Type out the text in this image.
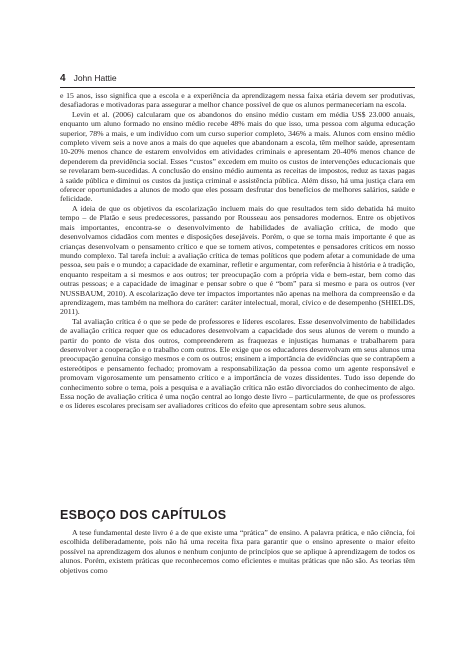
4 John Hattie

e 15 anos, isso significa que a escola e a experiência da aprendizagem nessa faixa etária devem ser produtivas, desafiadoras e motivadoras para assegurar a melhor chance possível de que os alunos permaneceriam na escola.

Levin et al. (2006) calcularam que os abandonos do ensino médio custam em média US$ 23.000 anuais, enquanto um aluno formado no ensino médio recebe 48% mais do que isso, uma pessoa com alguma educação superior, 78% a mais, e um indivíduo com um curso superior completo, 346% a mais. Alunos com ensino médio completo vivem seis a nove anos a mais do que aqueles que abandonam a escola, têm melhor saúde, apresentam 10-20% menos chance de estarem envolvidos em atividades criminais e apresentam 20-40% menos chance de dependerem da previdência social. Esses “custos” excedem em muito os custos de intervenções educacionais que se revelaram bem-sucedidas. A conclusão do ensino médio aumenta as receitas de impostos, reduz as taxas pagas à saúde pública e diminui os custos da justiça criminal e assistência pública. Além disso, há uma justiça clara em oferecer oportunidades a alunos de modo que eles possam desfrutar dos benefícios de melhores salários, saúde e felicidade.

A ideia de que os objetivos da escolarização incluem mais do que resultados tem sido debatida há muito tempo – de Platão e seus predecessores, passando por Rousseau aos pensadores modernos. Entre os objetivos mais importantes, encontra-se o desenvolvimento de habilidades de avaliação crítica, de modo que desenvolvamos cidadãos com mentes e disposições desejáveis. Porém, o que se torna mais importante é que as crianças desenvolvam o pensamento crítico e que se tornem ativos, competentes e pensadores críticos em nosso mundo complexo. Tal tarefa inclui: a avaliação crítica de temas políticos que podem afetar a comunidade de uma pessoa, seu país e o mundo; a capacidade de examinar, refletir e argumentar, com referência à história e à tradição, enquanto respeitam a si mesmos e aos outros; ter preocupação com a própria vida e bem-estar, bem como das outras pessoas; e a capacidade de imaginar e pensar sobre o que é “bom” para si mesmo e para os outros (ver NUSSBAUM, 2010). A escolarização deve ter impactos importantes não apenas na melhora da compreensão e da aprendizagem, mas também na melhora do caráter: caráter intelectual, moral, cívico e de desempenho (SHIELDS, 2011).

Tal avaliação crítica é o que se pede de professores e líderes escolares. Esse desenvolvimento de habilidades de avaliação crítica requer que os educadores desenvolvam a capacidade dos seus alunos de verem o mundo a partir do ponto de vista dos outros, compreenderem as fraquezas e injustiças humanas e trabalharem para desenvolver a cooperação e o trabalho com outros. Ele exige que os educadores desenvolvam em seus alunos uma preocupação genuína consigo mesmos e com os outros; ensinem a importância de evidências que se contrapõem a estereótipos e pensamento fechado; promovam a responsabilização da pessoa como um agente responsável e promovam vigorosamente um pensamento crítico e a importância de vozes dissidentes. Tudo isso depende do conhecimento sobre o tema, pois a pesquisa e a avaliação crítica não estão divorciados do conhecimento de algo. Essa noção de avaliação crítica é uma noção central ao longo deste livro – particularmente, de que os professores e os líderes escolares precisam ser avaliadores críticos do efeito que apresentam sobre seus alunos.

ESBOÇO DOS CAPÍTULOS

A tese fundamental deste livro é a de que existe uma “prática” de ensino. A palavra prática, e não ciência, foi escolhida deliberadamente, pois não há uma receita fixa para garantir que o ensino apresente o maior efeito possível na aprendizagem dos alunos e nenhum conjunto de princípios que se aplique à aprendizagem de todos os alunos. Porém, existem práticas que reconhecemos como eficientes e muitas práticas que não são. As teorias têm objetivos como
